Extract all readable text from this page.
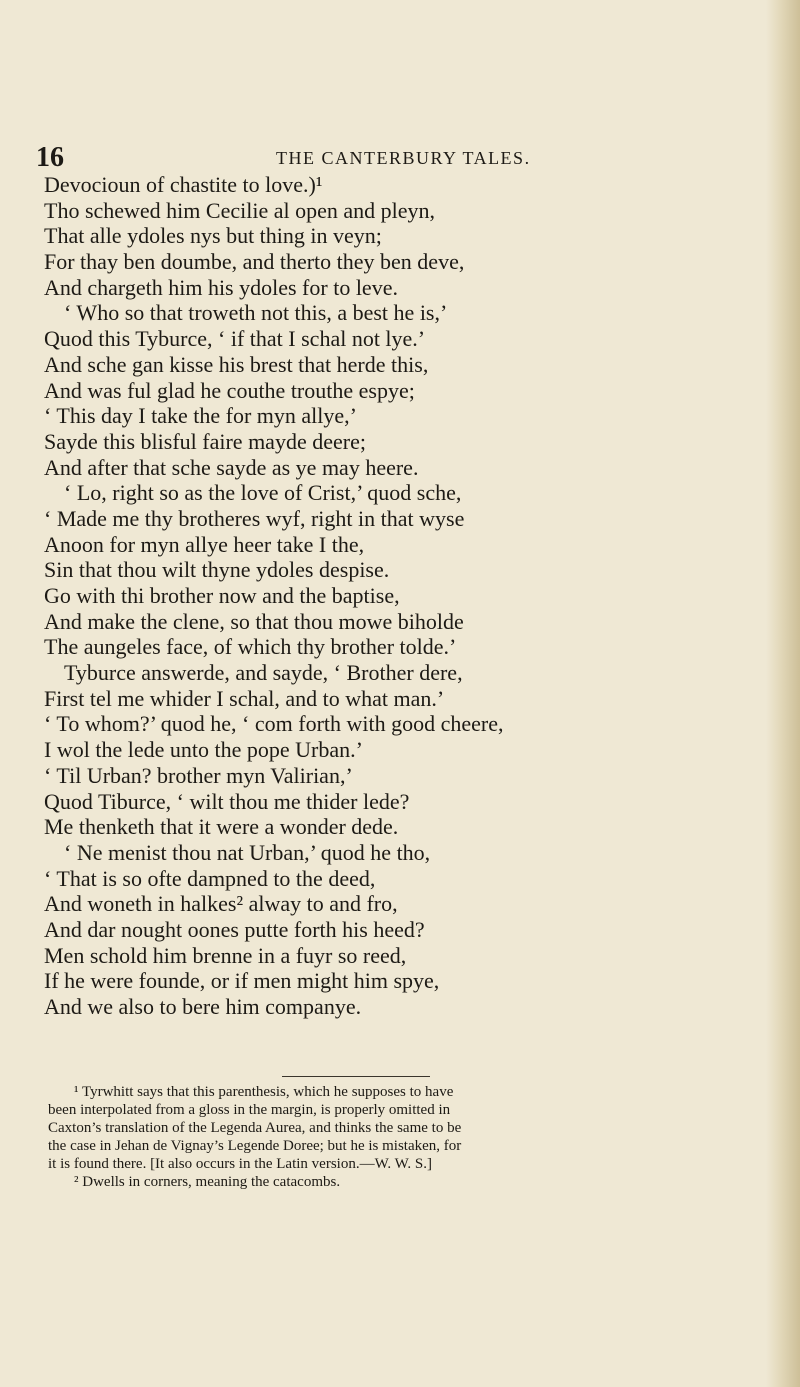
16	THE CANTERBURY TALES.
Devocioun of chastite to love.)¹
Tho schewed him Cecilie al open and pleyn,
That alle ydoles nys but thing in veyn;
For thay ben doumbe, and therto they ben deve,
And chargeth him his ydoles for to leve.
‘ Who so that troweth not this, a best he is,’
Quod this Tyburce, ‘ if that I schal not lye.’
And sche gan kisse his brest that herde this,
And was ful glad he couthe trouthe espye;
‘ This day I take the for myn allye,’
Sayde this blisful faire mayde deere;
And after that sche sayde as ye may heere.
‘ Lo, right so as the love of Crist,’ quod sche,
‘ Made me thy brotheres wyf, right in that wyse
Anoon for myn allye heer take I the,
Sin that thou wilt thyne ydoles despise.
Go with thi brother now and the baptise,
And make the clene, so that thou mowe biholde
The aungeles face, of which thy brother tolde.’
Tyburce answerde, and sayde, ‘ Brother dere,
First tel me whider I schal, and to what man.’
‘ To whom?’ quod he, ‘ com forth with good cheere,
I wol the lede unto the pope Urban.’
‘ Til Urban? brother myn Valirian,’
Quod Tiburce, ‘ wilt thou me thider lede?
Me thenketh that it were a wonder dede.
‘ Ne menist thou nat Urban,’ quod he tho,
‘ That is so ofte dampned to the deed,
And woneth in halkes² alway to and fro,
And dar nought oones putte forth his heed?
Men schold him brenne in a fuyr so reed,
If he were founde, or if men might him spye,
And we also to bere him companye.
¹ Tyrwhitt says that this parenthesis, which he supposes to have
been interpolated from a gloss in the margin, is properly omitted in
Caxton’s translation of the Legenda Aurea, and thinks the same to be
the case in Jehan de Vignay’s Legende Doree; but he is mistaken, for
it is found there. [It also occurs in the Latin version.—W. W. S.]
² Dwells in corners, meaning the catacombs.
